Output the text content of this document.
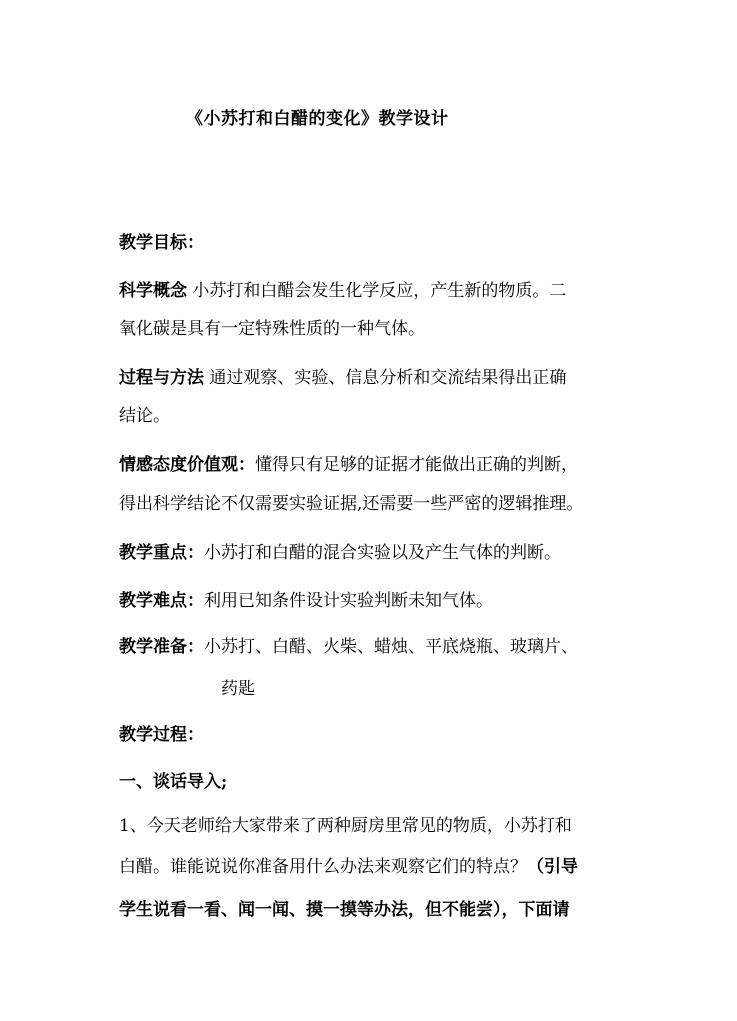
《小苏打和白醋的变化》教学设计
教学目标：
科学概念 小苏打和白醋会发生化学反应，产生新的物质。二
氧化碳是具有一定特殊性质的一种气体。
过程与方法 通过观察、实验、信息分析和交流结果得出正确
结论。
情感态度价值观：懂得只有足够的证据才能做出正确的判断，
得出科学结论不仅需要实验证据,还需要一些严密的逻辑推理。
教学重点：小苏打和白醋的混合实验以及产生气体的判断。
教学难点：利用已知条件设计实验判断未知气体。
教学准备：小苏打、白醋、火柴、蜡烛、平底烧瓶、玻璃片、
药匙
教学过程：
一、谈话导入;
1、今天老师给大家带来了两种厨房里常见的物质，小苏打和
白醋。谁能说说你准备用什么办法来观察它们的特点？（引导
学生说看一看、闻一闻、摸一摸等办法，但不能尝），下面请
